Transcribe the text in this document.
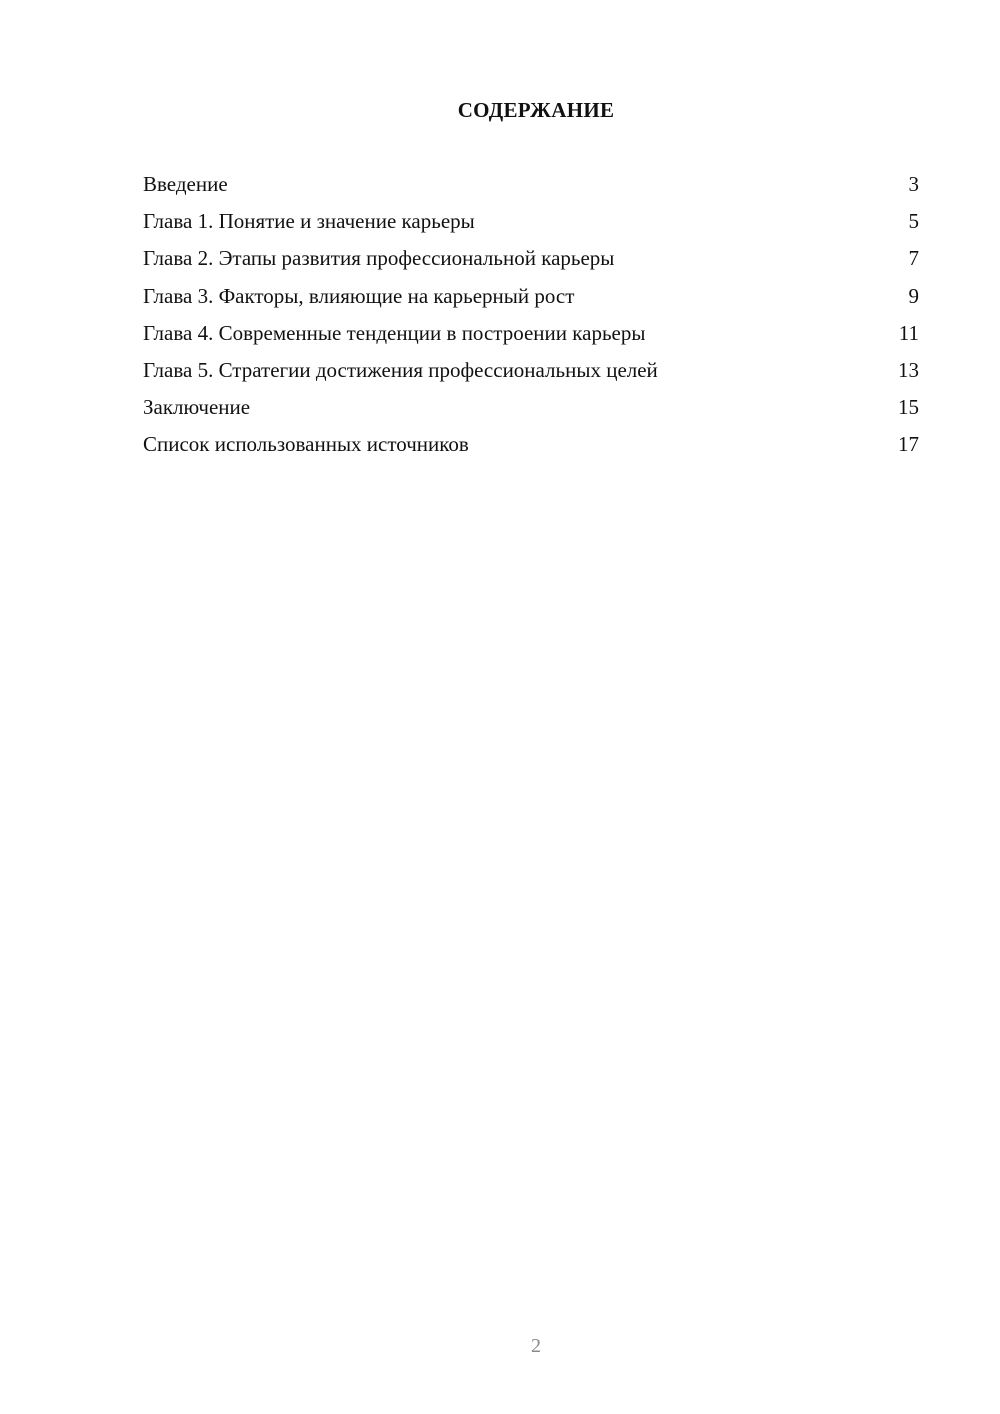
СОДЕРЖАНИЕ
Введение	3
Глава 1. Понятие и значение карьеры	5
Глава 2. Этапы развития профессиональной карьеры	7
Глава 3. Факторы, влияющие на карьерный рост	9
Глава 4. Современные тенденции в построении карьеры	11
Глава 5. Стратегии достижения профессиональных целей	13
Заключение	15
Список использованных источников	17
2
